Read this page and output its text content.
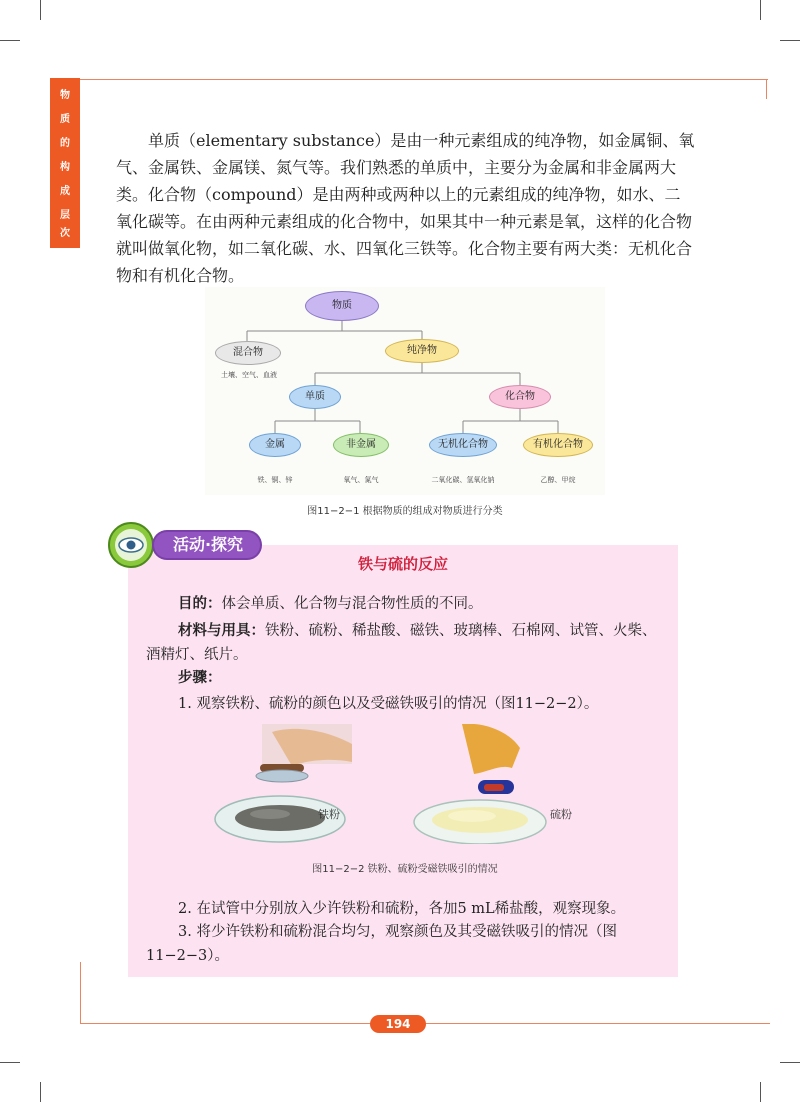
物
质
的
构
成
层
次

单质（elementary substance）是由一种元素组成的纯净物，如金属铜、氧气、金属铁、金属镁、氮气等。我们熟悉的单质中，主要分为金属和非金属两大类。 化合物（compound）是由两种或两种以上的元素组成的纯净物，如水、二氧化碳等。在由两种元素组成的化合物中，如果其中一种元素是氧，这样的化合物就叫做氧化物，如二氧化碳、水、四氧化三铁等。化合物主要有两大类：无机化合物和有机化合物。

物质
混合物
土壤、空气、血液
纯净物
单质	化合物
金属
铁、铜、锌
非金属
氧气、氮气
无机化合物
二氧化碳、氢氧化钠
有机化合物
乙醇、甲烷
图11−2−1 根据物质的组成对物质进行分类
活动·探究
铁与硫的反应

目的：体会单质、化合物与混合物性质的不同。

材料与用具：铁粉、硫粉、稀盐酸、磁铁、玻璃棒、石棉网、试管、火柴、酒精灯、纸片。

步骤：

1. 观察铁粉、硫粉的颜色以及受磁铁吸引的情况（图11−2−2）。

铁粉	硫粉
图11−2−2 铁粉、硫粉受磁铁吸引的情况

2. 在试管中分别放入少许铁粉和硫粉，各加5 mL稀盐酸，观察现象。

3. 将少许铁粉和硫粉混合均匀，观察颜色及其受磁铁吸引的情况（图11−2−3）。

194
